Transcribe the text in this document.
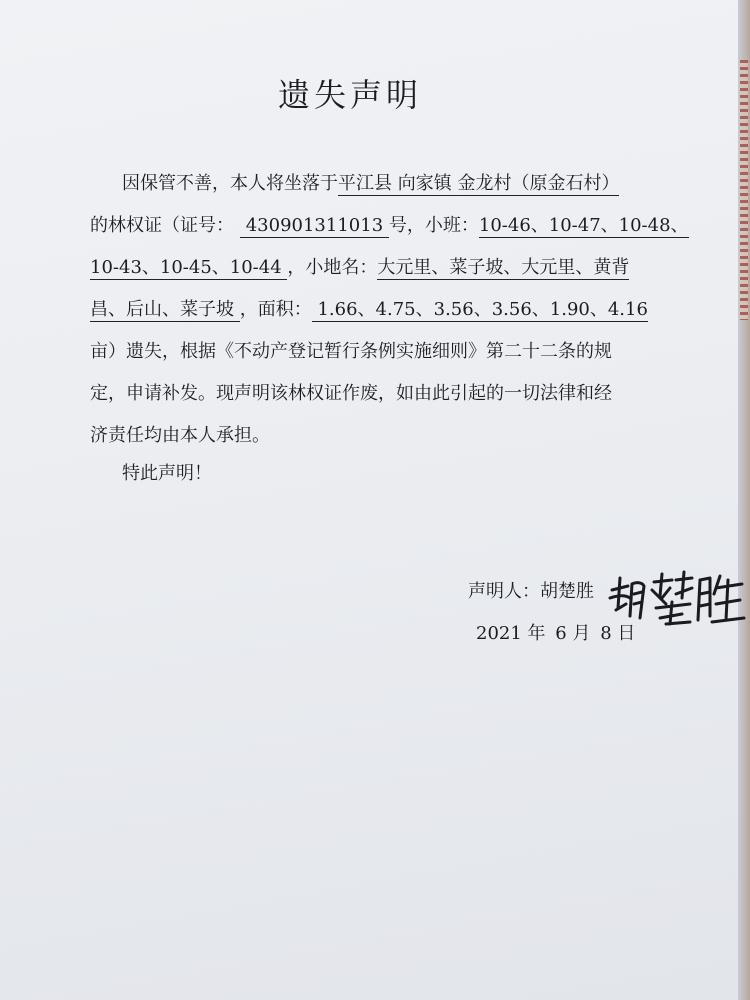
遗失声明
因保管不善，本人将坐落于平江县 向家镇 金龙村（原金石村）
的林权证（证号： 430901311013 号，小班：10-46、10-47、10-48、
10-43、10-45、10-44 ，小地名：大元里、菜子坡、大元里、黄背
昌、后山、菜子坡 ，面积： 1.66、4.75、3.56、3.56、1.90、4.16
亩）遗失，根据《不动产登记暂行条例实施细则》第二十二条的规
定，申请补发。现声明该林权证作废，如由此引起的一切法律和经
济责任均由本人承担。
特此声明！
声明人：胡楚胜
2021 年 6 月 8 日
